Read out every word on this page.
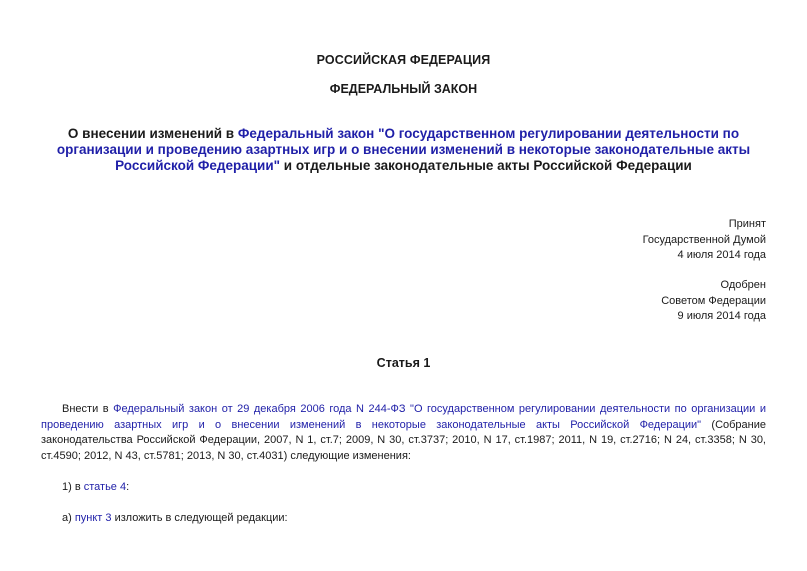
РОССИЙСКАЯ ФЕДЕРАЦИЯ
ФЕДЕРАЛЬНЫЙ ЗАКОН
О внесении изменений в Федеральный закон "О государственном регулировании деятельности по организации и проведению азартных игр и о внесении изменений в некоторые законодательные акты Российской Федерации" и отдельные законодательные акты Российской Федерации
Принят
Государственной Думой
4 июля 2014 года
Одобрен
Советом Федерации
9 июля 2014 года
Статья 1
Внести в Федеральный закон от 29 декабря 2006 года N 244-ФЗ "О государственном регулировании деятельности по организации и проведению азартных игр и о внесении изменений в некоторые законодательные акты Российской Федерации" (Собрание законодательства Российской Федерации, 2007, N 1, ст.7; 2009, N 30, ст.3737; 2010, N 17, ст.1987; 2011, N 19, ст.2716; N 24, ст.3358; N 30, ст.4590; 2012, N 43, ст.5781; 2013, N 30, ст.4031) следующие изменения:
1) в статье 4:
а) пункт 3 изложить в следующей редакции:
